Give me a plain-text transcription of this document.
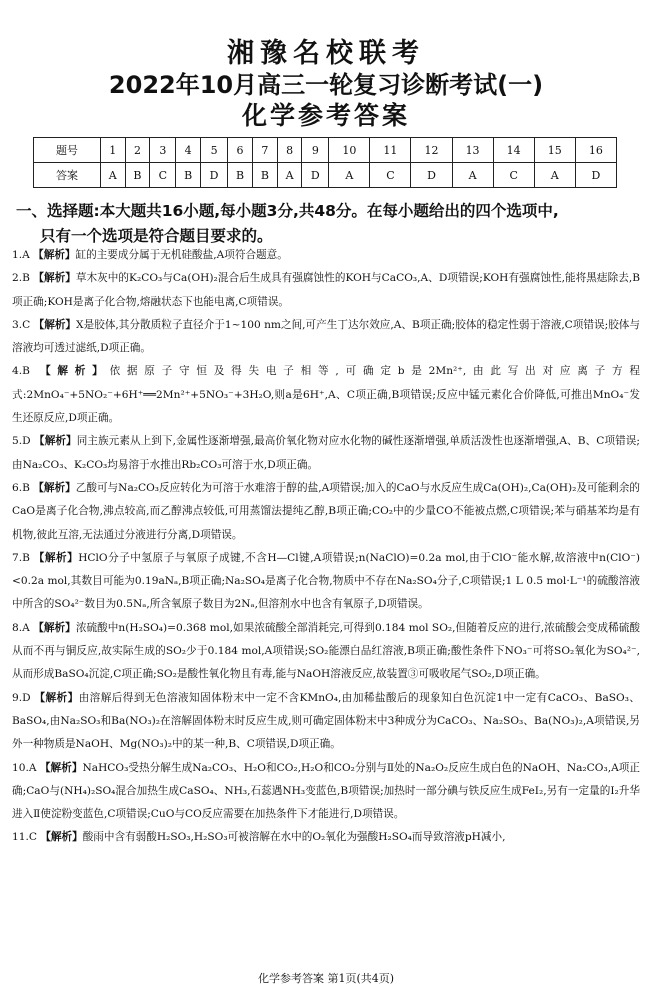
湘豫名校联考
2022年10月高三一轮复习诊断考试(一)
化学参考答案
题号	1	2	3	4	5	6	7	8	9	10	11	12	13	14	15	16
答案	A	B	C	B	D	B	B	A	D	A	C	D	A	C	A	D
一、选择题:本大题共16小题,每小题3分,共48分。在每小题给出的四个选项中,
只有一个选项是符合题目要求的。
1.A 【解析】缸的主要成分属于无机硅酸盐,A项符合题意。
2.B 【解析】草木灰中的K₂CO₃与Ca(OH)₂混合后生成具有强腐蚀性的KOH与CaCO₃,A、D项错误;KOH有强腐蚀性,能将黑痣除去,B项正确;KOH是离子化合物,熔融状态下也能电离,C项错误。
3.C 【解析】X是胶体,其分散质粒子直径介于1~100 nm之间,可产生丁达尔效应,A、B项正确;胶体的稳定性弱于溶液,C项错误;胶体与溶液均可透过滤纸,D项正确。
4.B 【解析】依据原子守恒及得失电子相等,可确定b是2Mn²⁺,由此写出对应离子方程式:2MnO₄⁻+5NO₂⁻+6H⁺══2Mn²⁺+5NO₃⁻+3H₂O,则a是6H⁺,A、C项正确,B项错误;反应中锰元素化合价降低,可推出MnO₄⁻发生还原反应,D项正确。
5.D 【解析】同主族元素从上到下,金属性逐渐增强,最高价氧化物对应水化物的碱性逐渐增强,单质活泼性也逐渐增强,A、B、C项错误;由Na₂CO₃、K₂CO₃均易溶于水推出Rb₂CO₃可溶于水,D项正确。
6.B 【解析】乙酸可与Na₂CO₃反应转化为可溶于水难溶于醇的盐,A项错误;加入的CaO与水反应生成Ca(OH)₂,Ca(OH)₂及可能剩余的CaO是离子化合物,沸点较高,而乙醇沸点较低,可用蒸馏法提纯乙醇,B项正确;CO₂中的少量CO不能被点燃,C项错误;苯与硝基苯均是有机物,彼此互溶,无法通过分液进行分离,D项错误。
7.B 【解析】HClO分子中氢原子与氧原子成键,不含H—Cl键,A项错误;n(NaClO)=0.2a mol,由于ClO⁻能水解,故溶液中n(ClO⁻)<0.2a mol,其数目可能为0.19aNₐ,B项正确;Na₂SO₄是离子化合物,物质中不存在Na₂SO₄分子,C项错误;1 L 0.5 mol·L⁻¹的硫酸溶液中所含的SO₄²⁻数目为0.5Nₐ,所含氧原子数目为2Nₐ,但溶剂水中也含有氧原子,D项错误。
8.A 【解析】浓硫酸中n(H₂SO₄)=0.368 mol,如果浓硫酸全部消耗完,可得到0.184 mol SO₂,但随着反应的进行,浓硫酸会变成稀硫酸从而不再与铜反应,故实际生成的SO₂少于0.184 mol,A项错误;SO₂能漂白品红溶液,B项正确;酸性条件下NO₃⁻可将SO₂氧化为SO₄²⁻,从而形成BaSO₄沉淀,C项正确;SO₂是酸性氧化物且有毒,能与NaOH溶液反应,故装置③可吸收尾气SO₂,D项正确。
9.D 【解析】由溶解后得到无色溶液知固体粉末中一定不含KMnO₄,由加稀盐酸后的现象知白色沉淀1中一定有CaCO₃、BaSO₃、BaSO₄,由Na₂SO₃和Ba(NO₃)₂在溶解固体粉末时反应生成,则可确定固体粉末中3种成分为CaCO₃、Na₂SO₃、Ba(NO₃)₂,A项错误,另外一种物质是NaOH、Mg(NO₃)₂中的某一种,B、C项错误,D项正确。
10.A 【解析】NaHCO₃受热分解生成Na₂CO₃、H₂O和CO₂,H₂O和CO₂分别与Ⅱ处的Na₂O₂反应生成白色的NaOH、Na₂CO₃,A项正确;CaO与(NH₄)₂SO₄混合加热生成CaSO₄、NH₃,石蕊遇NH₃变蓝色,B项错误;加热时一部分碘与铁反应生成FeI₂,另有一定量的I₂升华进入Ⅱ使淀粉变蓝色,C项错误;CuO与CO反应需要在加热条件下才能进行,D项错误。
11.C 【解析】酸雨中含有弱酸H₂SO₃,H₂SO₃可被溶解在水中的O₂氧化为强酸H₂SO₄而导致溶液pH减小,
化学参考答案 第1页(共4页)
